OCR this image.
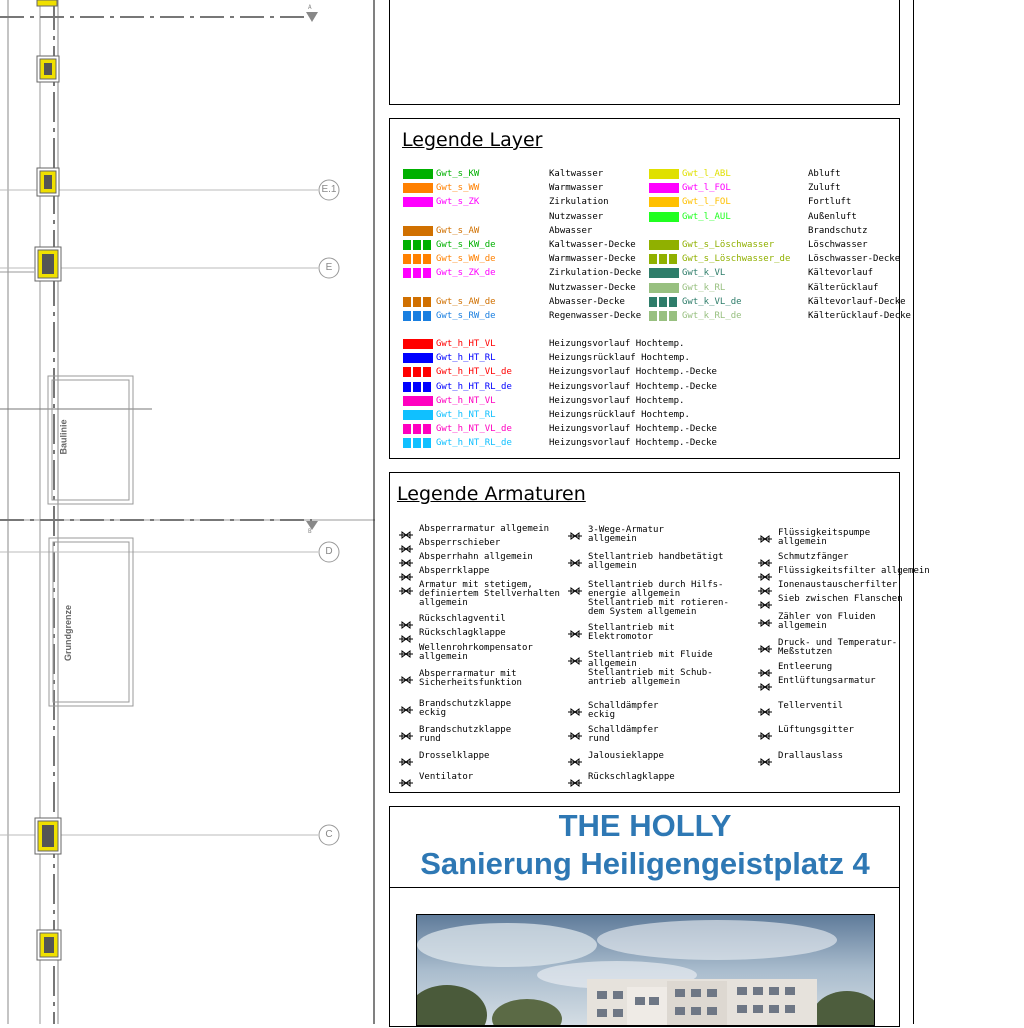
E.1
E
D
C
A
B
Baulinie
Grundgrenze
Legende Layer
Gwt_s_KW	Kaltwasser
Gwt_s_WW	Warmwasser
Gwt_s_ZK	Zirkulation
Nutzwasser
Gwt_s_AW	Abwasser
Gwt_s_KW_de	Kaltwasser-Decke
Gwt_s_WW_de	Warmwasser-Decke
Gwt_s_ZK_de	Zirkulation-Decke
Nutzwasser-Decke
Gwt_s_AW_de	Abwasser-Decke
Gwt_s_RW_de	Regenwasser-Decke
Gwt_h_HT_VL	Heizungsvorlauf Hochtemp.
Gwt_h_HT_RL	Heizungsrücklauf Hochtemp.
Gwt_h_HT_VL_de	Heizungsvorlauf Hochtemp.-Decke
Gwt_h_HT_RL_de	Heizungsvorlauf Hochtemp.-Decke
Gwt_h_NT_VL	Heizungsvorlauf Hochtemp.
Gwt_h_NT_RL	Heizungsrücklauf Hochtemp.
Gwt_h_NT_VL_de	Heizungsvorlauf Hochtemp.-Decke
Gwt_h_NT_RL_de	Heizungsvorlauf Hochtemp.-Decke
Gwt_l_ABL	Abluft
Gwt_l_FOL	Zuluft
Gwt_l_FOL	Fortluft
Gwt_l_AUL	Außenluft
Brandschutz
Gwt_s_Löschwasser	Löschwasser
Gwt_s_Löschwasser_de Löschwasser-Decke
Gwt_k_VL	Kältevorlauf
Gwt_k_RL	Kälterücklauf
Gwt_k_VL_de	Kältevorlauf-Decke
Gwt_k_RL_de	Kälterücklauf-Decke
Legende Armaturen
Absperrarmatur allgemein
Absperrschieber
Absperrhahn allgemein
Absperrklappe
Armatur mit stetigem,
definiertem Stellverhalten
allgemein
Rückschlagventil
Rückschlagklappe
Wellenrohrkompensator
allgemein
Absperrarmatur mit
Sicherheitsfunktion
Brandschutzklappe
eckig
Brandschutzklappe
rund
Drosselklappe
Ventilator
3-Wege-Armatur
allgemein
Stellantrieb handbetätigt
allgemein
Stellantrieb durch Hilfs-
energie allgemein
Stellantrieb mit rotieren-
dem System allgemein
Stellantrieb mit
Elektromotor
Stellantrieb mit Fluide
allgemein
Stellantrieb mit Schub-
antrieb allgemein
Schalldämpfer
eckig
Schalldämpfer
rund
Jalousieklappe
Rückschlagklappe
Flüssigkeitspumpe
allgemein
Schmutzfänger
Flüssigkeitsfilter allgemein
Ionenaustauscherfilter
Sieb zwischen Flanschen
Zähler von Fluiden
allgemein
Druck- und Temperatur-
Meßstutzen
Entleerung
Entlüftungsarmatur
Tellerventil
Lüftungsgitter
Drallauslass
THE HOLLY
Sanierung Heiligengeistplatz 4
